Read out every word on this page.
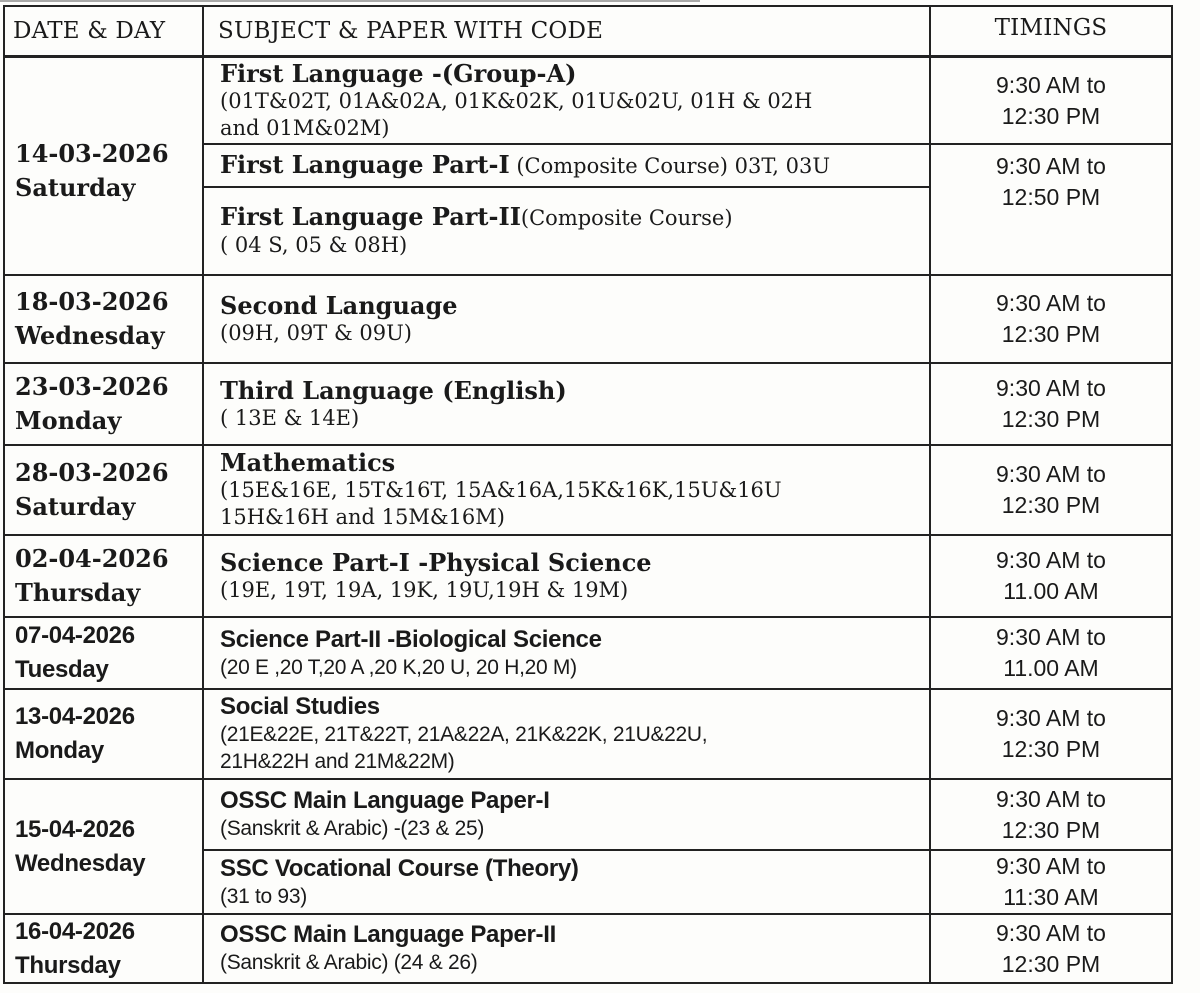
DATE & DAY SUBJECT & PAPER WITH CODE	TIMINGS
14-03-2026
Saturday
First Language -(Group-A)
(01T&02T, 01A&02A, 01K&02K, 01U&02U, 01H & 02H
and 01M&02M)
9:30 AM to
12:30 PM
First Language Part-I (Composite Course) 03T, 03U	9:30 AM to
12:50 PM
First Language Part-II(Composite Course)
( 04 S, 05 & 08H)
18-03-2026
Wednesday
Second Language
(09H, 09T & 09U)
9:30 AM to
12:30 PM
23-03-2026
Monday
Third Language (English)
( 13E & 14E)
9:30 AM to
12:30 PM
28-03-2026
Saturday
Mathematics
(15E&16E, 15T&16T, 15A&16A,15K&16K,15U&16U
15H&16H and 15M&16M)
9:30 AM to
12:30 PM
02-04-2026
Thursday
Science Part-I -Physical Science
(19E, 19T, 19A, 19K, 19U,19H & 19M)
9:30 AM to
11.00 AM
07-04-2026
Tuesday
Science Part-II -Biological Science
(20 E ,20 T,20 A ,20 K,20 U, 20 H,20 M)
9:30 AM to
11.00 AM
13-04-2026
Monday
Social Studies
(21E&22E, 21T&22T, 21A&22A, 21K&22K, 21U&22U,
21H&22H and 21M&22M)
9:30 AM to
12:30 PM
15-04-2026
Wednesday
OSSC Main Language Paper-I
(Sanskrit & Arabic) -(23 & 25)
9:30 AM to
12:30 PM
SSC Vocational Course (Theory)
(31 to 93)
9:30 AM to
11:30 AM
16-04-2026
Thursday
OSSC Main Language Paper-II
(Sanskrit & Arabic) (24 & 26)
9:30 AM to
12:30 PM
